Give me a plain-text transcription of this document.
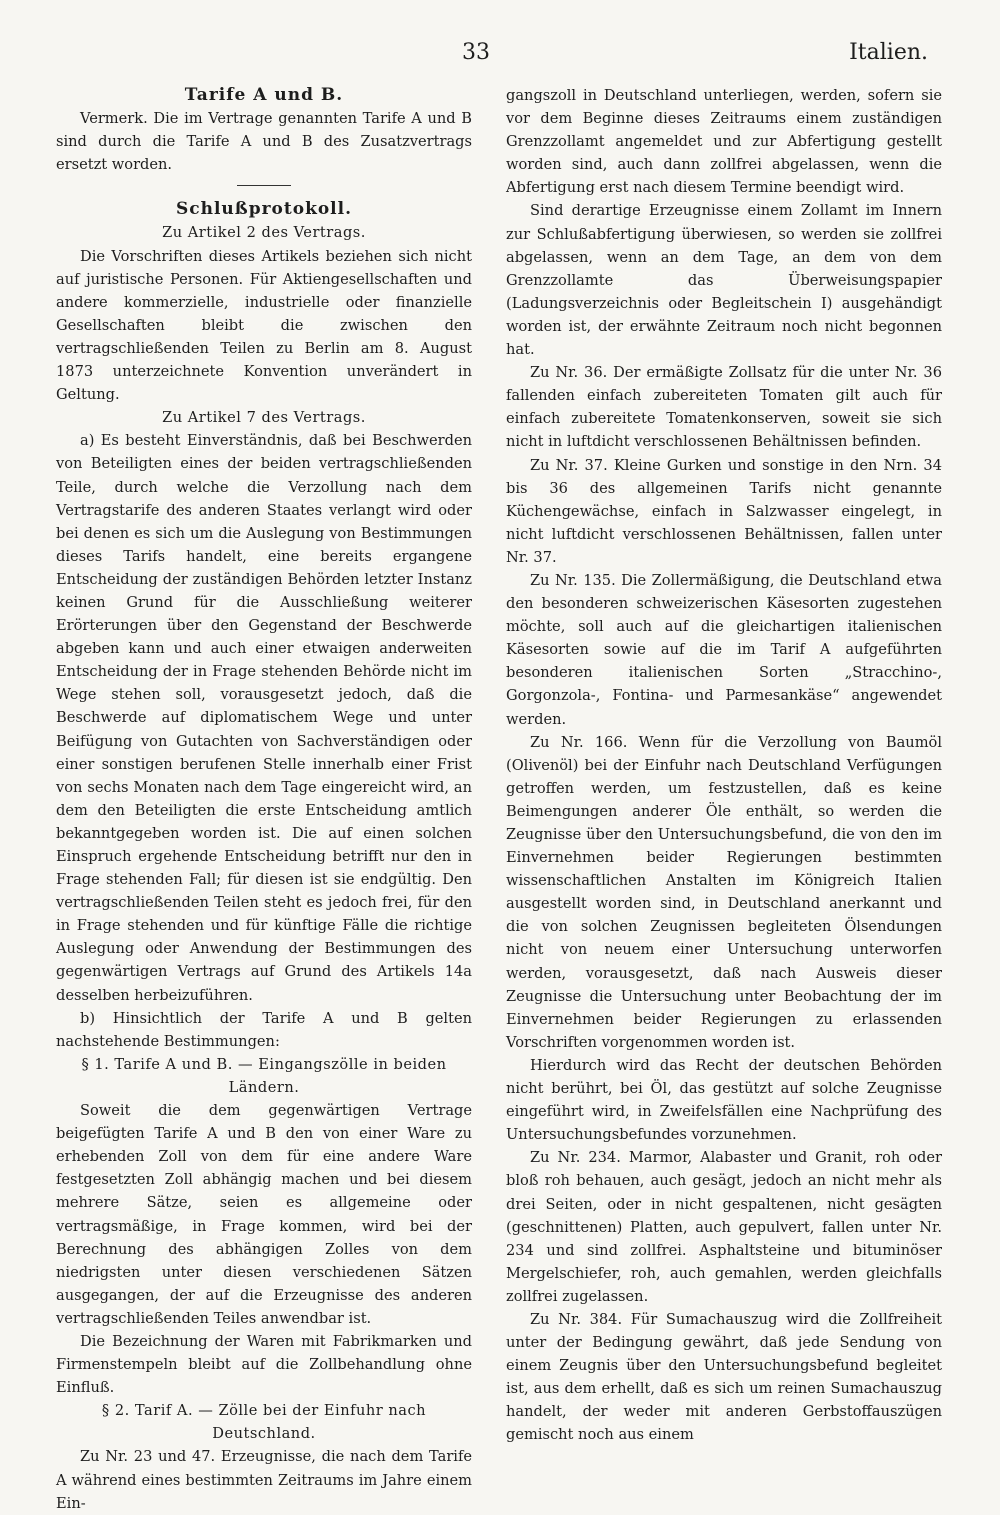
33	Italien.

Tarife A und B.

Vermerk. Die im Vertrage genannten Tarife A und B sind durch die Tarife A und B des Zusatzvertrags ersetzt worden.

Schlußprotokoll.

Zu Artikel 2 des Vertrags.

Die Vorschriften dieses Artikels beziehen sich nicht auf juristische Personen. Für Aktiengesellschaften und andere kommerzielle, industrielle oder finanzielle Gesellschaften bleibt die zwischen den vertragschließenden Teilen zu Berlin am 8. August 1873 unterzeichnete Konvention unverändert in Geltung.

Zu Artikel 7 des Vertrags.

a) Es besteht Einverständnis, daß bei Beschwerden von Beteiligten eines der beiden vertragschließenden Teile, durch welche die Verzollung nach dem Vertragstarife des anderen Staates verlangt wird oder bei denen es sich um die Auslegung von Bestimmungen dieses Tarifs handelt, eine bereits ergangene Entscheidung der zuständigen Behörden letzter Instanz keinen Grund für die Ausschließung weiterer Erörterungen über den Gegenstand der Beschwerde abgeben kann und auch einer etwaigen anderweiten Entscheidung der in Frage stehenden Behörde nicht im Wege stehen soll, vorausgesetzt jedoch, daß die Beschwerde auf diplomatischem Wege und unter Beifügung von Gutachten von Sachverständigen oder einer sonstigen berufenen Stelle innerhalb einer Frist von sechs Monaten nach dem Tage eingereicht wird, an dem den Beteiligten die erste Entscheidung amtlich bekanntgegeben worden ist. Die auf einen solchen Einspruch ergehende Entscheidung betrifft nur den in Frage stehenden Fall; für diesen ist sie endgültig. Den vertragschließenden Teilen steht es jedoch frei, für den in Frage stehenden und für künftige Fälle die richtige Auslegung oder Anwendung der Bestimmungen des gegenwärtigen Vertrags auf Grund des Artikels 14a desselben herbeizuführen.

b) Hinsichtlich der Tarife A und B gelten nachstehende Bestimmungen:

§ 1. Tarife A und B. — Eingangszölle in beiden Ländern.

Soweit die dem gegenwärtigen Vertrage beigefügten Tarife A und B den von einer Ware zu erhebenden Zoll von dem für eine andere Ware festgesetzten Zoll abhängig machen und bei diesem mehrere Sätze, seien es allgemeine oder vertragsmäßige, in Frage kommen, wird bei der Berechnung des abhängigen Zolles von dem niedrigsten unter diesen verschiedenen Sätzen ausgegangen, der auf die Erzeugnisse des anderen vertragschließenden Teiles anwendbar ist.

Die Bezeichnung der Waren mit Fabrikmarken und Firmenstempeln bleibt auf die Zollbehandlung ohne Einfluß.

§ 2. Tarif A. — Zölle bei der Einfuhr nach Deutschland.

Zu Nr. 23 und 47. Erzeugnisse, die nach dem Tarife A während eines bestimmten Zeitraums im Jahre einem Ein-

gangszoll in Deutschland unterliegen, werden, sofern sie vor dem Beginne dieses Zeitraums einem zuständigen Grenzzollamt angemeldet und zur Abfertigung gestellt worden sind, auch dann zollfrei abgelassen, wenn die Abfertigung erst nach diesem Termine beendigt wird.

Sind derartige Erzeugnisse einem Zollamt im Innern zur Schlußabfertigung überwiesen, so werden sie zollfrei abgelassen, wenn an dem Tage, an dem von dem Grenzzollamte das Überweisungspapier (Ladungsverzeichnis oder Begleitschein I) ausgehändigt worden ist, der erwähnte Zeitraum noch nicht begonnen hat.

Zu Nr. 36. Der ermäßigte Zollsatz für die unter Nr. 36 fallenden einfach zubereiteten Tomaten gilt auch für einfach zubereitete Tomatenkonserven, soweit sie sich nicht in luftdicht verschlossenen Behältnissen befinden.

Zu Nr. 37. Kleine Gurken und sonstige in den Nrn. 34 bis 36 des allgemeinen Tarifs nicht genannte Küchengewächse, einfach in Salzwasser eingelegt, in nicht luftdicht verschlossenen Behältnissen, fallen unter Nr. 37.

Zu Nr. 135. Die Zollermäßigung, die Deutschland etwa den besonderen schweizerischen Käsesorten zugestehen möchte, soll auch auf die gleichartigen italienischen Käsesorten sowie auf die im Tarif A aufgeführten besonderen italienischen Sorten „Stracchino-, Gorgonzola-, Fontina- und Parmesankäse“ angewendet werden.

Zu Nr. 166. Wenn für die Verzollung von Baumöl (Olivenöl) bei der Einfuhr nach Deutschland Verfügungen getroffen werden, um festzustellen, daß es keine Beimengungen anderer Öle enthält, so werden die Zeugnisse über den Untersuchungsbefund, die von den im Einvernehmen beider Regierungen bestimmten wissenschaftlichen Anstalten im Königreich Italien ausgestellt worden sind, in Deutschland anerkannt und die von solchen Zeugnissen begleiteten Ölsendungen nicht von neuem einer Untersuchung unterworfen werden, vorausgesetzt, daß nach Ausweis dieser Zeugnisse die Untersuchung unter Beobachtung der im Einvernehmen beider Regierungen zu erlassenden Vorschriften vorgenommen worden ist.

Hierdurch wird das Recht der deutschen Behörden nicht berührt, bei Öl, das gestützt auf solche Zeugnisse eingeführt wird, in Zweifelsfällen eine Nachprüfung des Untersuchungsbefundes vorzunehmen.

Zu Nr. 234. Marmor, Alabaster und Granit, roh oder bloß roh behauen, auch gesägt, jedoch an nicht mehr als drei Seiten, oder in nicht gespaltenen, nicht gesägten (geschnittenen) Platten, auch gepulvert, fallen unter Nr. 234 und sind zollfrei. Asphaltsteine und bituminöser Mergelschiefer, roh, auch gemahlen, werden gleichfalls zollfrei zugelassen.

Zu Nr. 384. Für Sumachauszug wird die Zollfreiheit unter der Bedingung gewährt, daß jede Sendung von einem Zeugnis über den Untersuchungsbefund begleitet ist, aus dem erhellt, daß es sich um reinen Sumachauszug handelt, der weder mit anderen Gerbstoffauszügen gemischt noch aus einem
